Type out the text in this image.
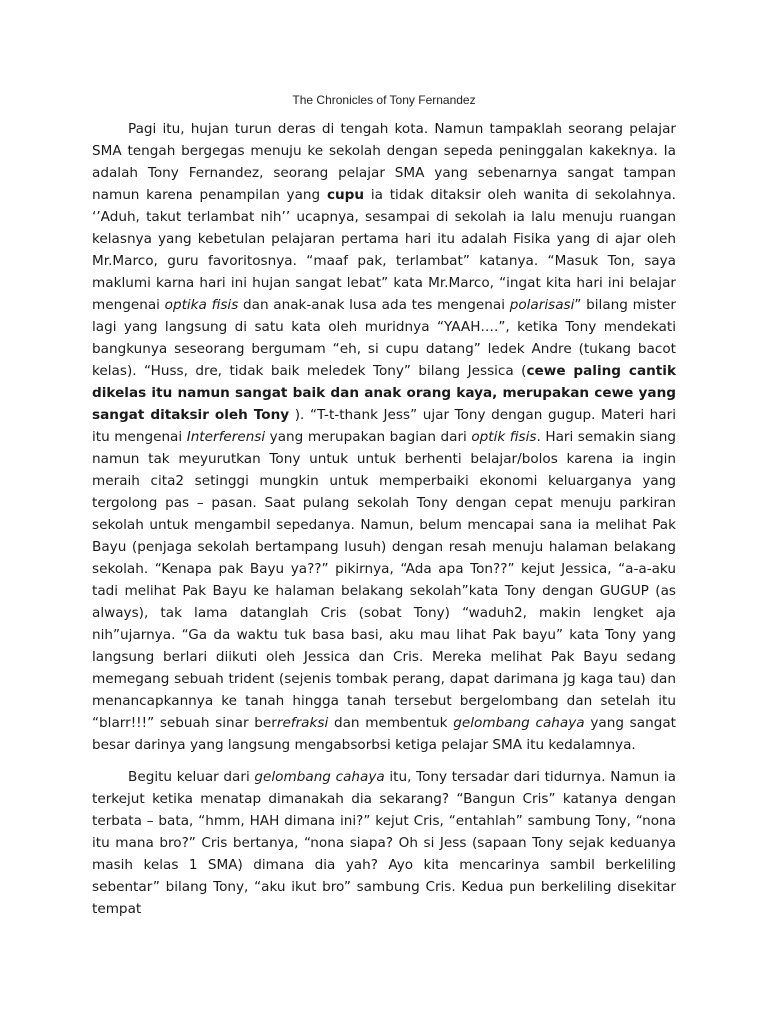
The Chronicles of Tony Fernandez

Pagi itu, hujan turun deras di tengah kota. Namun tampaklah seorang pelajar SMA tengah bergegas menuju ke sekolah dengan sepeda peninggalan kakeknya. Ia adalah Tony Fernandez, seorang pelajar SMA yang sebenarnya sangat tampan namun karena penampilan yang cupu ia tidak ditaksir oleh wanita di sekolahnya. ‘’Aduh, takut terlambat nih’’ ucapnya, sesampai di sekolah ia lalu menuju ruangan kelasnya yang kebetulan pelajaran pertama hari itu adalah Fisika yang di ajar oleh Mr.Marco, guru favoritosnya. “maaf pak, terlambat” katanya. “Masuk Ton, saya maklumi karna hari ini hujan sangat lebat” kata Mr.Marco, “ingat kita hari ini belajar mengenai optika fisis dan anak-anak lusa ada tes mengenai polarisasi” bilang mister lagi yang langsung di satu kata oleh muridnya “YAAH….”, ketika Tony mendekati bangkunya seseorang bergumam “eh, si cupu datang” ledek Andre (tukang bacot kelas). “Huss, dre, tidak baik meledek Tony” bilang Jessica (cewe paling cantik dikelas itu namun sangat baik dan anak orang kaya, merupakan cewe yang sangat ditaksir oleh Tony ). “T-t-thank Jess” ujar Tony dengan gugup. Materi hari itu mengenai Interferensi yang merupakan bagian dari optik fisis. Hari semakin siang namun tak meyurutkan Tony untuk untuk berhenti belajar/bolos karena ia ingin meraih cita2 setinggi mungkin untuk memperbaiki ekonomi keluarganya yang tergolong pas – pasan. Saat pulang sekolah Tony dengan cepat menuju parkiran sekolah untuk mengambil sepedanya. Namun, belum mencapai sana ia melihat Pak Bayu (penjaga sekolah bertampang lusuh) dengan resah menuju halaman belakang sekolah. “Kenapa pak Bayu ya??” pikirnya, “Ada apa Ton??” kejut Jessica, “a-a-aku tadi melihat Pak Bayu ke halaman belakang sekolah”kata Tony dengan GUGUP (as always), tak lama datanglah Cris (sobat Tony) “waduh2, makin lengket aja nih”ujarnya. “Ga da waktu tuk basa basi, aku mau lihat Pak bayu” kata Tony yang langsung berlari diikuti oleh Jessica dan Cris. Mereka melihat Pak Bayu sedang memegang sebuah trident (sejenis tombak perang, dapat darimana jg kaga tau) dan menancapkannya ke tanah hingga tanah tersebut bergelombang dan setelah itu “blarr!!!” sebuah sinar berrefraksi dan membentuk gelombang cahaya yang sangat besar darinya yang langsung mengabsorbsi ketiga pelajar SMA itu kedalamnya.

Begitu keluar dari gelombang cahaya itu, Tony tersadar dari tidurnya. Namun ia terkejut ketika menatap dimanakah dia sekarang? “Bangun Cris” katanya dengan terbata – bata, “hmm, HAH dimana ini?” kejut Cris, “entahlah” sambung Tony, “nona itu mana bro?” Cris bertanya, “nona siapa? Oh si Jess (sapaan Tony sejak keduanya masih kelas 1 SMA) dimana dia yah? Ayo kita mencarinya sambil berkeliling sebentar” bilang Tony, “aku ikut bro” sambung Cris. Kedua pun berkeliling disekitar tempat
